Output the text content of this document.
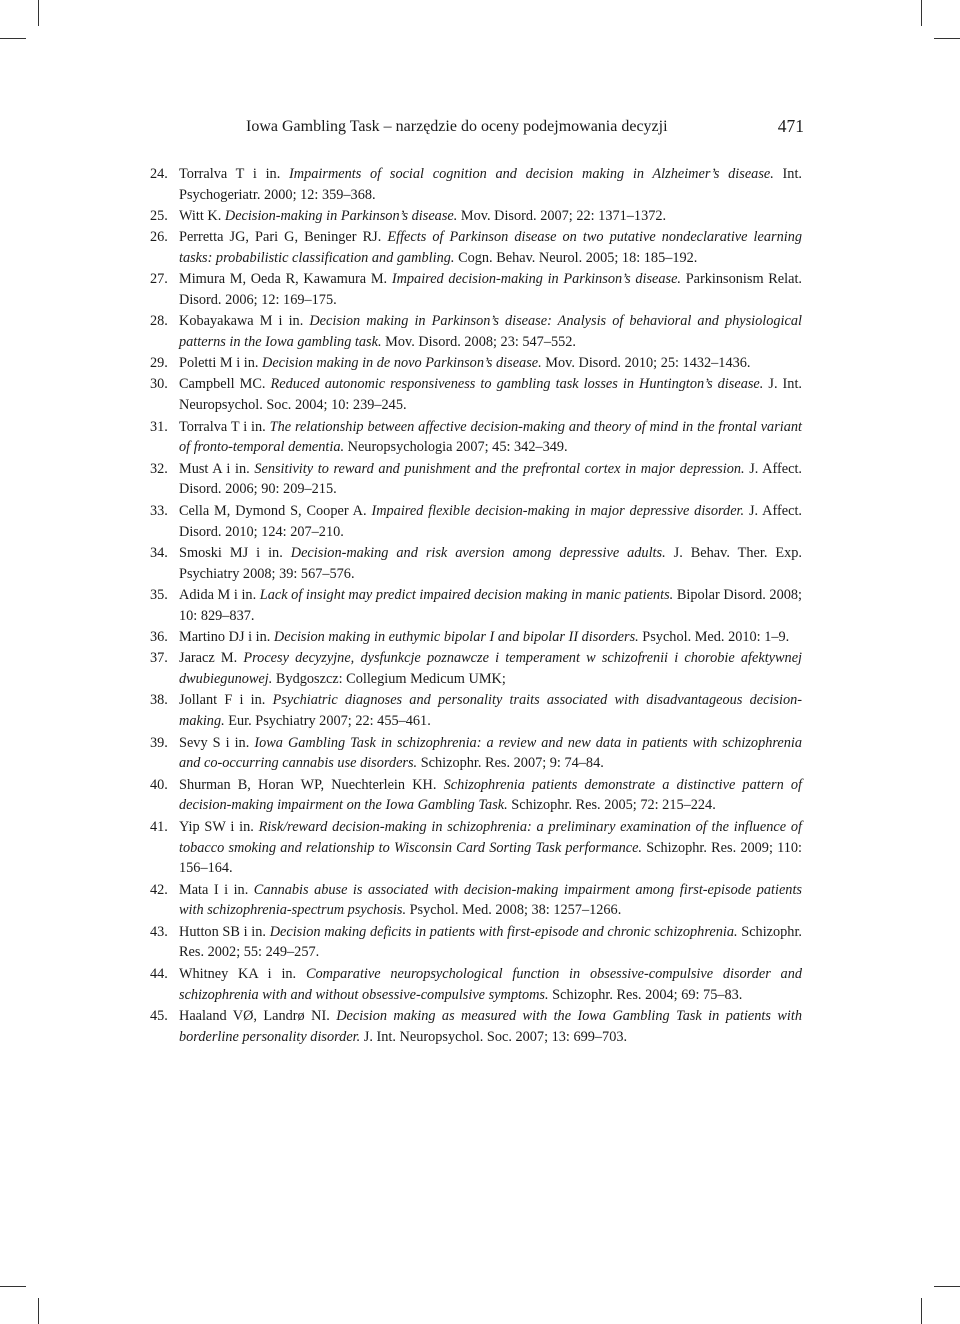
Iowa Gambling Task – narzędzie do oceny podejmowania decyzji	471
24. Torralva T i in. Impairments of social cognition and decision making in Alzheimer’s disease. Int. Psychogeriatr. 2000; 12: 359–368.
25. Witt K. Decision-making in Parkinson’s disease. Mov. Disord. 2007; 22: 1371–1372.
26. Perretta JG, Pari G, Beninger RJ. Effects of Parkinson disease on two putative nondeclarative learning tasks: probabilistic classification and gambling. Cogn. Behav. Neurol. 2005; 18: 185–192.
27. Mimura M, Oeda R, Kawamura M. Impaired decision-making in Parkinson’s disease. Parkinsonism Relat. Disord. 2006; 12: 169–175.
28. Kobayakawa M i in. Decision making in Parkinson’s disease: Analysis of behavioral and physiological patterns in the Iowa gambling task. Mov. Disord. 2008; 23: 547–552.
29. Poletti M i in. Decision making in de novo Parkinson’s disease. Mov. Disord. 2010; 25: 1432–1436.
30. Campbell MC. Reduced autonomic responsiveness to gambling task losses in Huntington’s disease. J. Int. Neuropsychol. Soc. 2004; 10: 239–245.
31. Torralva T i in. The relationship between affective decision-making and theory of mind in the frontal variant of fronto-temporal dementia. Neuropsychologia 2007; 45: 342–349.
32. Must A i in. Sensitivity to reward and punishment and the prefrontal cortex in major depression. J. Affect. Disord. 2006; 90: 209–215.
33. Cella M, Dymond S, Cooper A. Impaired flexible decision-making in major depressive disorder. J. Affect. Disord. 2010; 124: 207–210.
34. Smoski MJ i in. Decision-making and risk aversion among depressive adults. J. Behav. Ther. Exp. Psychiatry 2008; 39: 567–576.
35. Adida M i in. Lack of insight may predict impaired decision making in manic patients. Bipolar Disord. 2008; 10: 829–837.
36. Martino DJ i in. Decision making in euthymic bipolar I and bipolar II disorders. Psychol. Med. 2010: 1–9.
37. Jaracz M. Procesy decyzyjne, dysfunkcje poznawcze i temperament w schizofrenii i chorobie afektywnej dwubiegunowej. Bydgoszcz: Collegium Medicum UMK;
38. Jollant F i in. Psychiatric diagnoses and personality traits associated with disadvantageous decision-making. Eur. Psychiatry 2007; 22: 455–461.
39. Sevy S i in. Iowa Gambling Task in schizophrenia: a review and new data in patients with schizophrenia and co-occurring cannabis use disorders. Schizophr. Res. 2007; 9: 74–84.
40. Shurman B, Horan WP, Nuechterlein KH. Schizophrenia patients demonstrate a distinctive pattern of decision-making impairment on the Iowa Gambling Task. Schizophr. Res. 2005; 72: 215–224.
41. Yip SW i in. Risk/reward decision-making in schizophrenia: a preliminary examination of the influence of tobacco smoking and relationship to Wisconsin Card Sorting Task performance. Schizophr. Res. 2009; 110: 156–164.
42. Mata I i in. Cannabis abuse is associated with decision-making impairment among first-episode patients with schizophrenia-spectrum psychosis. Psychol. Med. 2008; 38: 1257–1266.
43. Hutton SB i in. Decision making deficits in patients with first-episode and chronic schizophrenia. Schizophr. Res. 2002; 55: 249–257.
44. Whitney KA i in. Comparative neuropsychological function in obsessive-compulsive disorder and schizophrenia with and without obsessive-compulsive symptoms. Schizophr. Res. 2004; 69: 75–83.
45. Haaland VØ, Landrø NI. Decision making as measured with the Iowa Gambling Task in patients with borderline personality disorder. J. Int. Neuropsychol. Soc. 2007; 13: 699–703.
